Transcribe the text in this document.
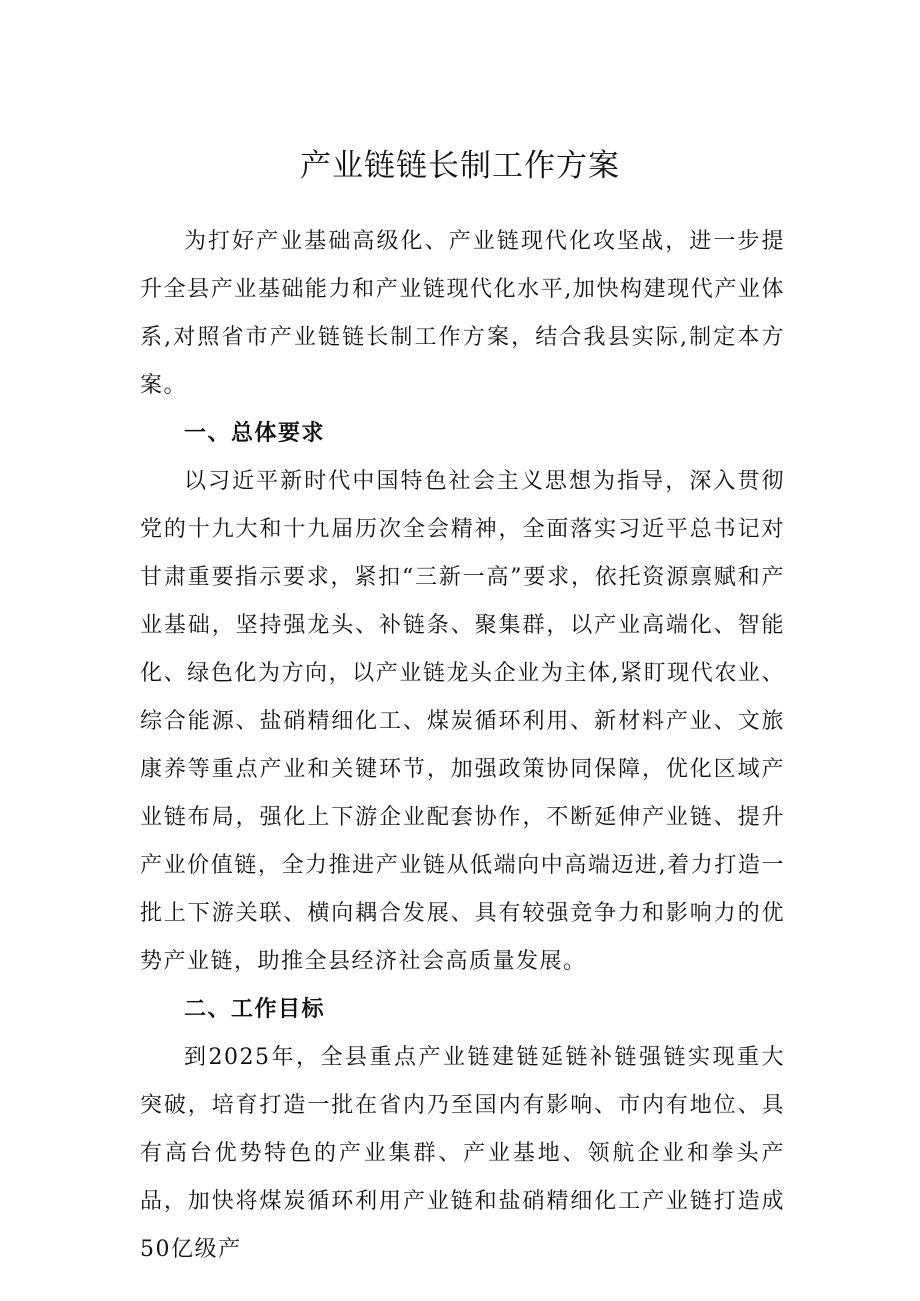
产业链链长制工作方案

为打好产业基础高级化、产业链现代化攻坚战，进一步提升全县产业基础能力和产业链现代化水平,加快构建现代产业体系,对照省市产业链链长制工作方案，结合我县实际,制定本方案。

一、总体要求

以习近平新时代中国特色社会主义思想为指导，深入贯彻党的十九大和十九届历次全会精神，全面落实习近平总书记对甘肃重要指示要求，紧扣“三新一高”要求，依托资源禀赋和产业基础，坚持强龙头、补链条、聚集群，以产业高端化、智能化、绿色化为方向，以产业链龙头企业为主体,紧盯现代农业、综合能源、盐硝精细化工、煤炭循环利用、新材料产业、文旅康养等重点产业和关键环节，加强政策协同保障，优化区域产业链布局，强化上下游企业配套协作，不断延伸产业链、提升产业价值链，全力推进产业链从低端向中高端迈进,着力打造一批上下游关联、横向耦合发展、具有较强竞争力和影响力的优势产业链，助推全县经济社会高质量发展。

二、工作目标

到2025年，全县重点产业链建链延链补链强链实现重大突破，培育打造一批在省内乃至国内有影响、市内有地位、具有高台优势特色的产业集群、产业基地、领航企业和拳头产品，加快将煤炭循环利用产业链和盐硝精细化工产业链打造成50亿级产
